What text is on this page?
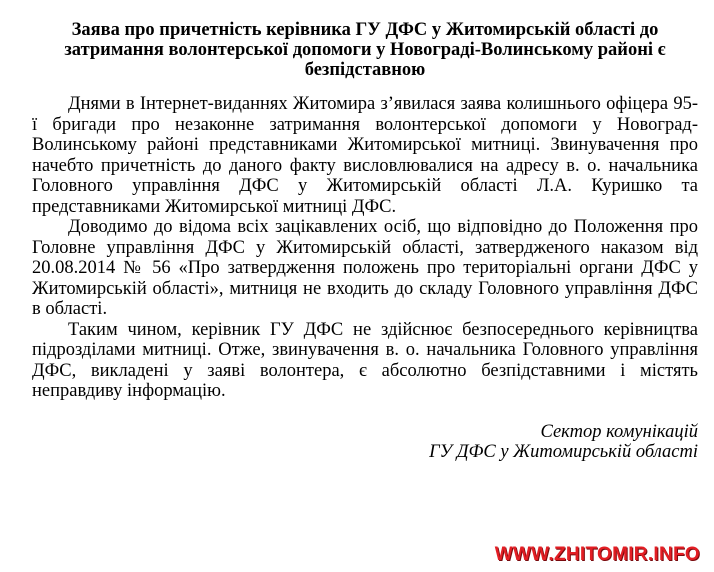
Заява про причетність керівника ГУ ДФС у Житомирській області до затримання волонтерської допомоги у Новограді-Волинському районі є безпідставною

Днями в Інтернет-виданнях Житомира з’явилася заява колишнього офіцера 95-ї бригади про незаконне затримання волонтерської допомоги у Новоград-Волинському районі представниками Житомирської митниці. Звинувачення про начебто причетність до даного факту висловлювалися на адресу в. о. начальника Головного управління ДФС у Житомирській області Л.А. Куришко та представниками Житомирської митниці ДФС.

Доводимо до відома всіх зацікавлених осіб, що відповідно до Положення про Головне управління ДФС у Житомирській області, затвердженого наказом від 20.08.2014 № 56 «Про затвердження положень про територіальні органи ДФС у Житомирській області», митниця не входить до складу Головного управління ДФС в області.

Таким чином, керівник ГУ ДФС не здійснює безпосереднього керівництва підрозділами митниці. Отже, звинувачення в. о. начальника Головного управління ДФС, викладені у заяві волонтера, є абсолютно безпідставними і містять неправдиву інформацію.

Сектор комунікацій
ГУ ДФС у Житомирській області
WWW.ZHITOMIR.INFO
